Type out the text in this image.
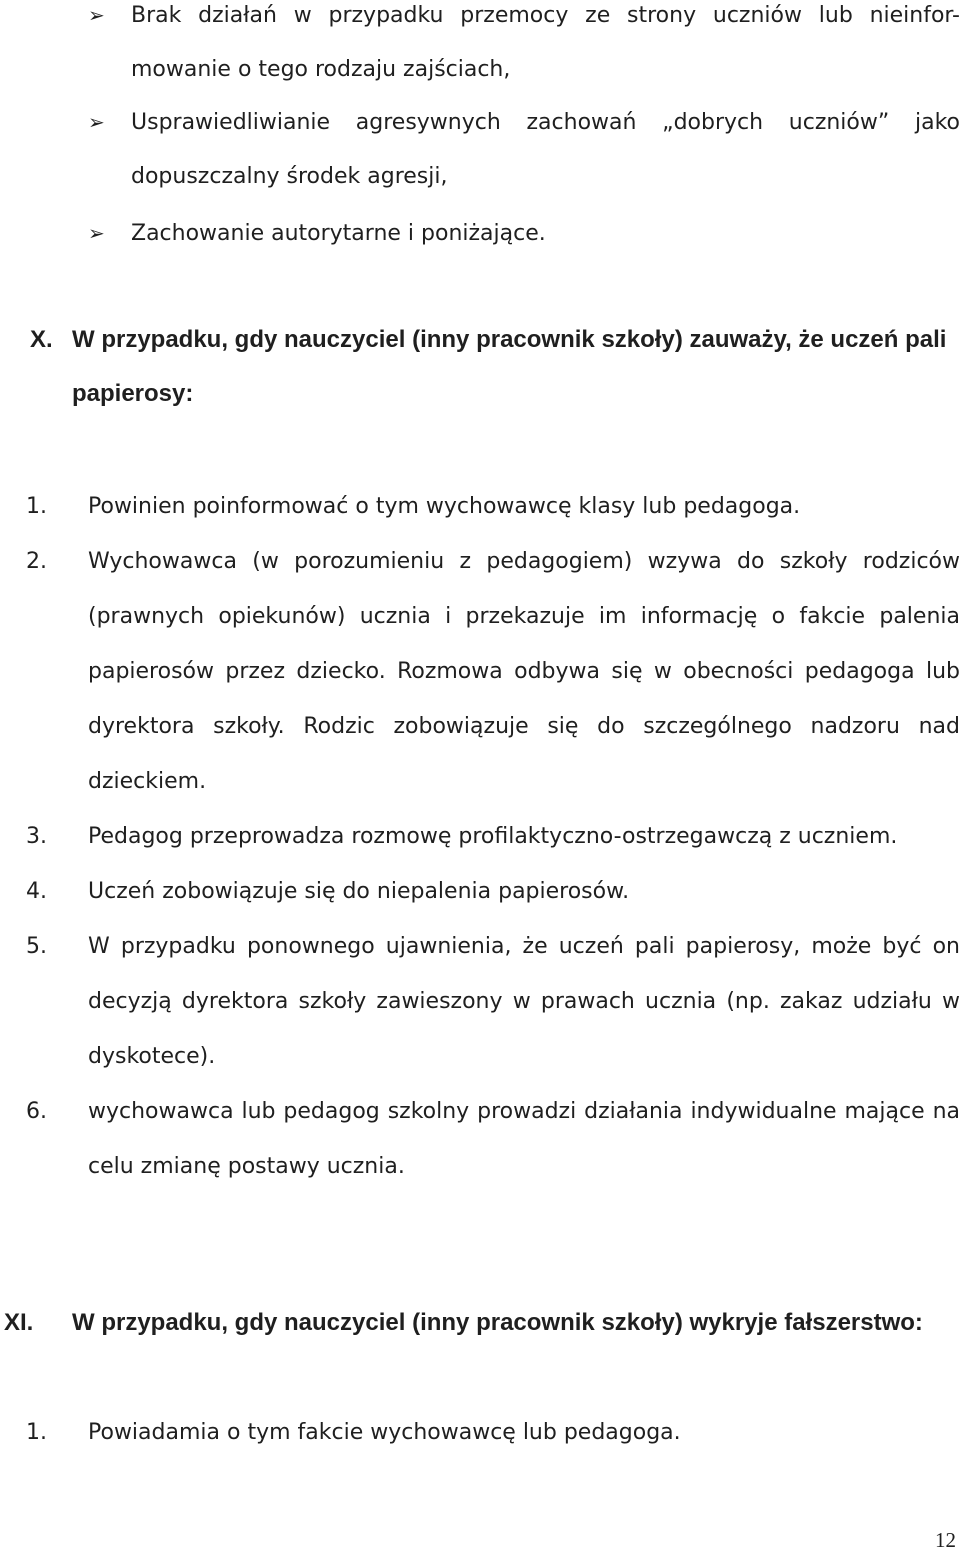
➢ Brak działań w przypadku przemocy ze strony uczniów lub nieinfor-
mowanie o tego rodzaju zajściach,
➢ Usprawiedliwianie agresywnych zachowań „dobrych uczniów” jako
dopuszczalny środek agresji,
➢ Zachowanie autorytarne i poniżające.
X. W przypadku, gdy nauczyciel (inny pracownik szkoły) zauważy, że uczeń pali papierosy:
1. Powinien poinformować o tym wychowawcę klasy lub pedagoga.
2. Wychowawca (w porozumieniu z pedagogiem) wzywa do szkoły rodziców (prawnych opiekunów) ucznia i przekazuje im informację o fakcie palenia papierosów przez dziecko. Rozmowa odbywa się w obecności pedagoga lub dyrektora szkoły. Rodzic zobowiązuje się do szczególnego nadzoru nad dzieckiem.
3. Pedagog przeprowadza rozmowę profilaktyczno-ostrzegawczą z uczniem.
4. Uczeń zobowiązuje się do niepalenia papierosów.
5. W przypadku ponownego ujawnienia, że uczeń pali papierosy, może być on decyzją dyrektora szkoły zawieszony w prawach ucznia (np. zakaz udziału w dyskotece).
6. wychowawca lub pedagog szkolny prowadzi działania indywidualne mające na celu zmianę postawy ucznia.
XI. W przypadku, gdy nauczyciel (inny pracownik szkoły) wykryje fałszerstwo:
1. Powiadamia o tym fakcie wychowawcę lub pedagoga.
12
